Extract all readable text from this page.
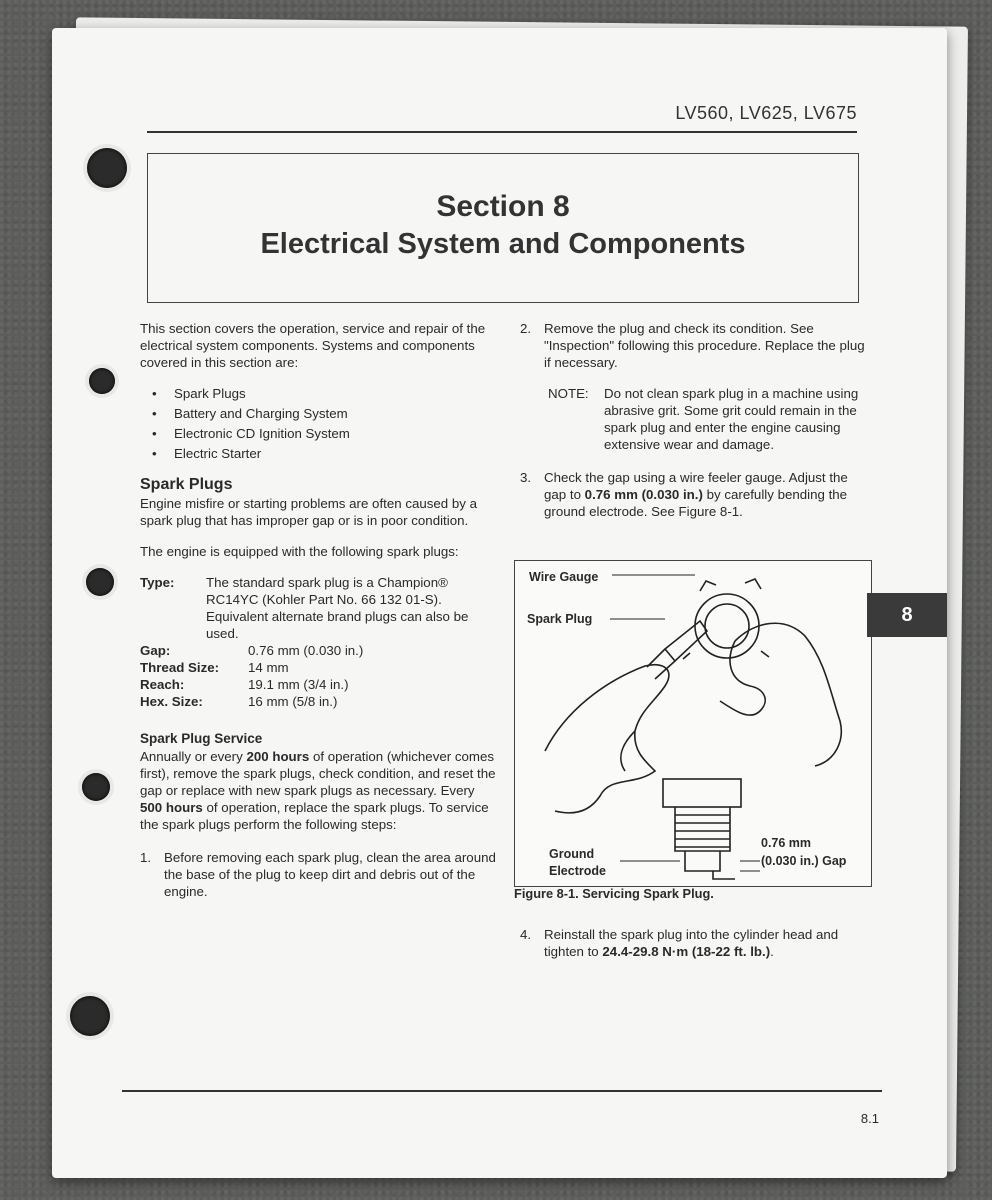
LV560, LV625, LV675
Section 8
Electrical System and Components

This section covers the operation, service and repair of the electrical system components. Systems and components covered in this section are:

• Spark Plugs
• Battery and Charging System
• Electronic CD Ignition System
• Electric Starter
Spark Plugs

Engine misfire or starting problems are often caused by a spark plug that has improper gap or is in poor condition.

The engine is equipped with the following spark plugs:

Type:	The standard spark plug is a Champion® RC14YC (Kohler Part No. 66 132 01-S). Equivalent alternate brand plugs can also be used.
Gap:	0.76 mm (0.030 in.)
Thread Size:	14 mm
Reach:	19.1 mm (3/4 in.)
Hex. Size:	16 mm (5/8 in.)
Spark Plug Service

Annually or every 200 hours of operation (whichever comes first), remove the spark plugs, check condition, and reset the gap or replace with new spark plugs as necessary. Every 500 hours of operation, replace the spark plugs. To service the spark plugs perform the following steps:

1. Before removing each spark plug, clean the area around the base of the plug to keep dirt and debris out of the engine.
2. Remove the plug and check its condition. See "Inspection" following this procedure. Replace the plug if necessary.
NOTE:	Do not clean spark plug in a machine using abrasive grit. Some grit could remain in the spark plug and enter the engine causing extensive wear and damage.
3. Check the gap using a wire feeler gauge. Adjust the gap to 0.76 mm (0.030 in.) by carefully bending the ground electrode. See Figure 8-1.
Wire Gauge
Spark Plug
Ground
Electrode
0.76 mm
(0.030 in.) Gap
Figure 8-1. Servicing Spark Plug.
4. Reinstall the spark plug into the cylinder head and tighten to 24.4-29.8 N·m (18-22 ft. lb.).
8
8.1
